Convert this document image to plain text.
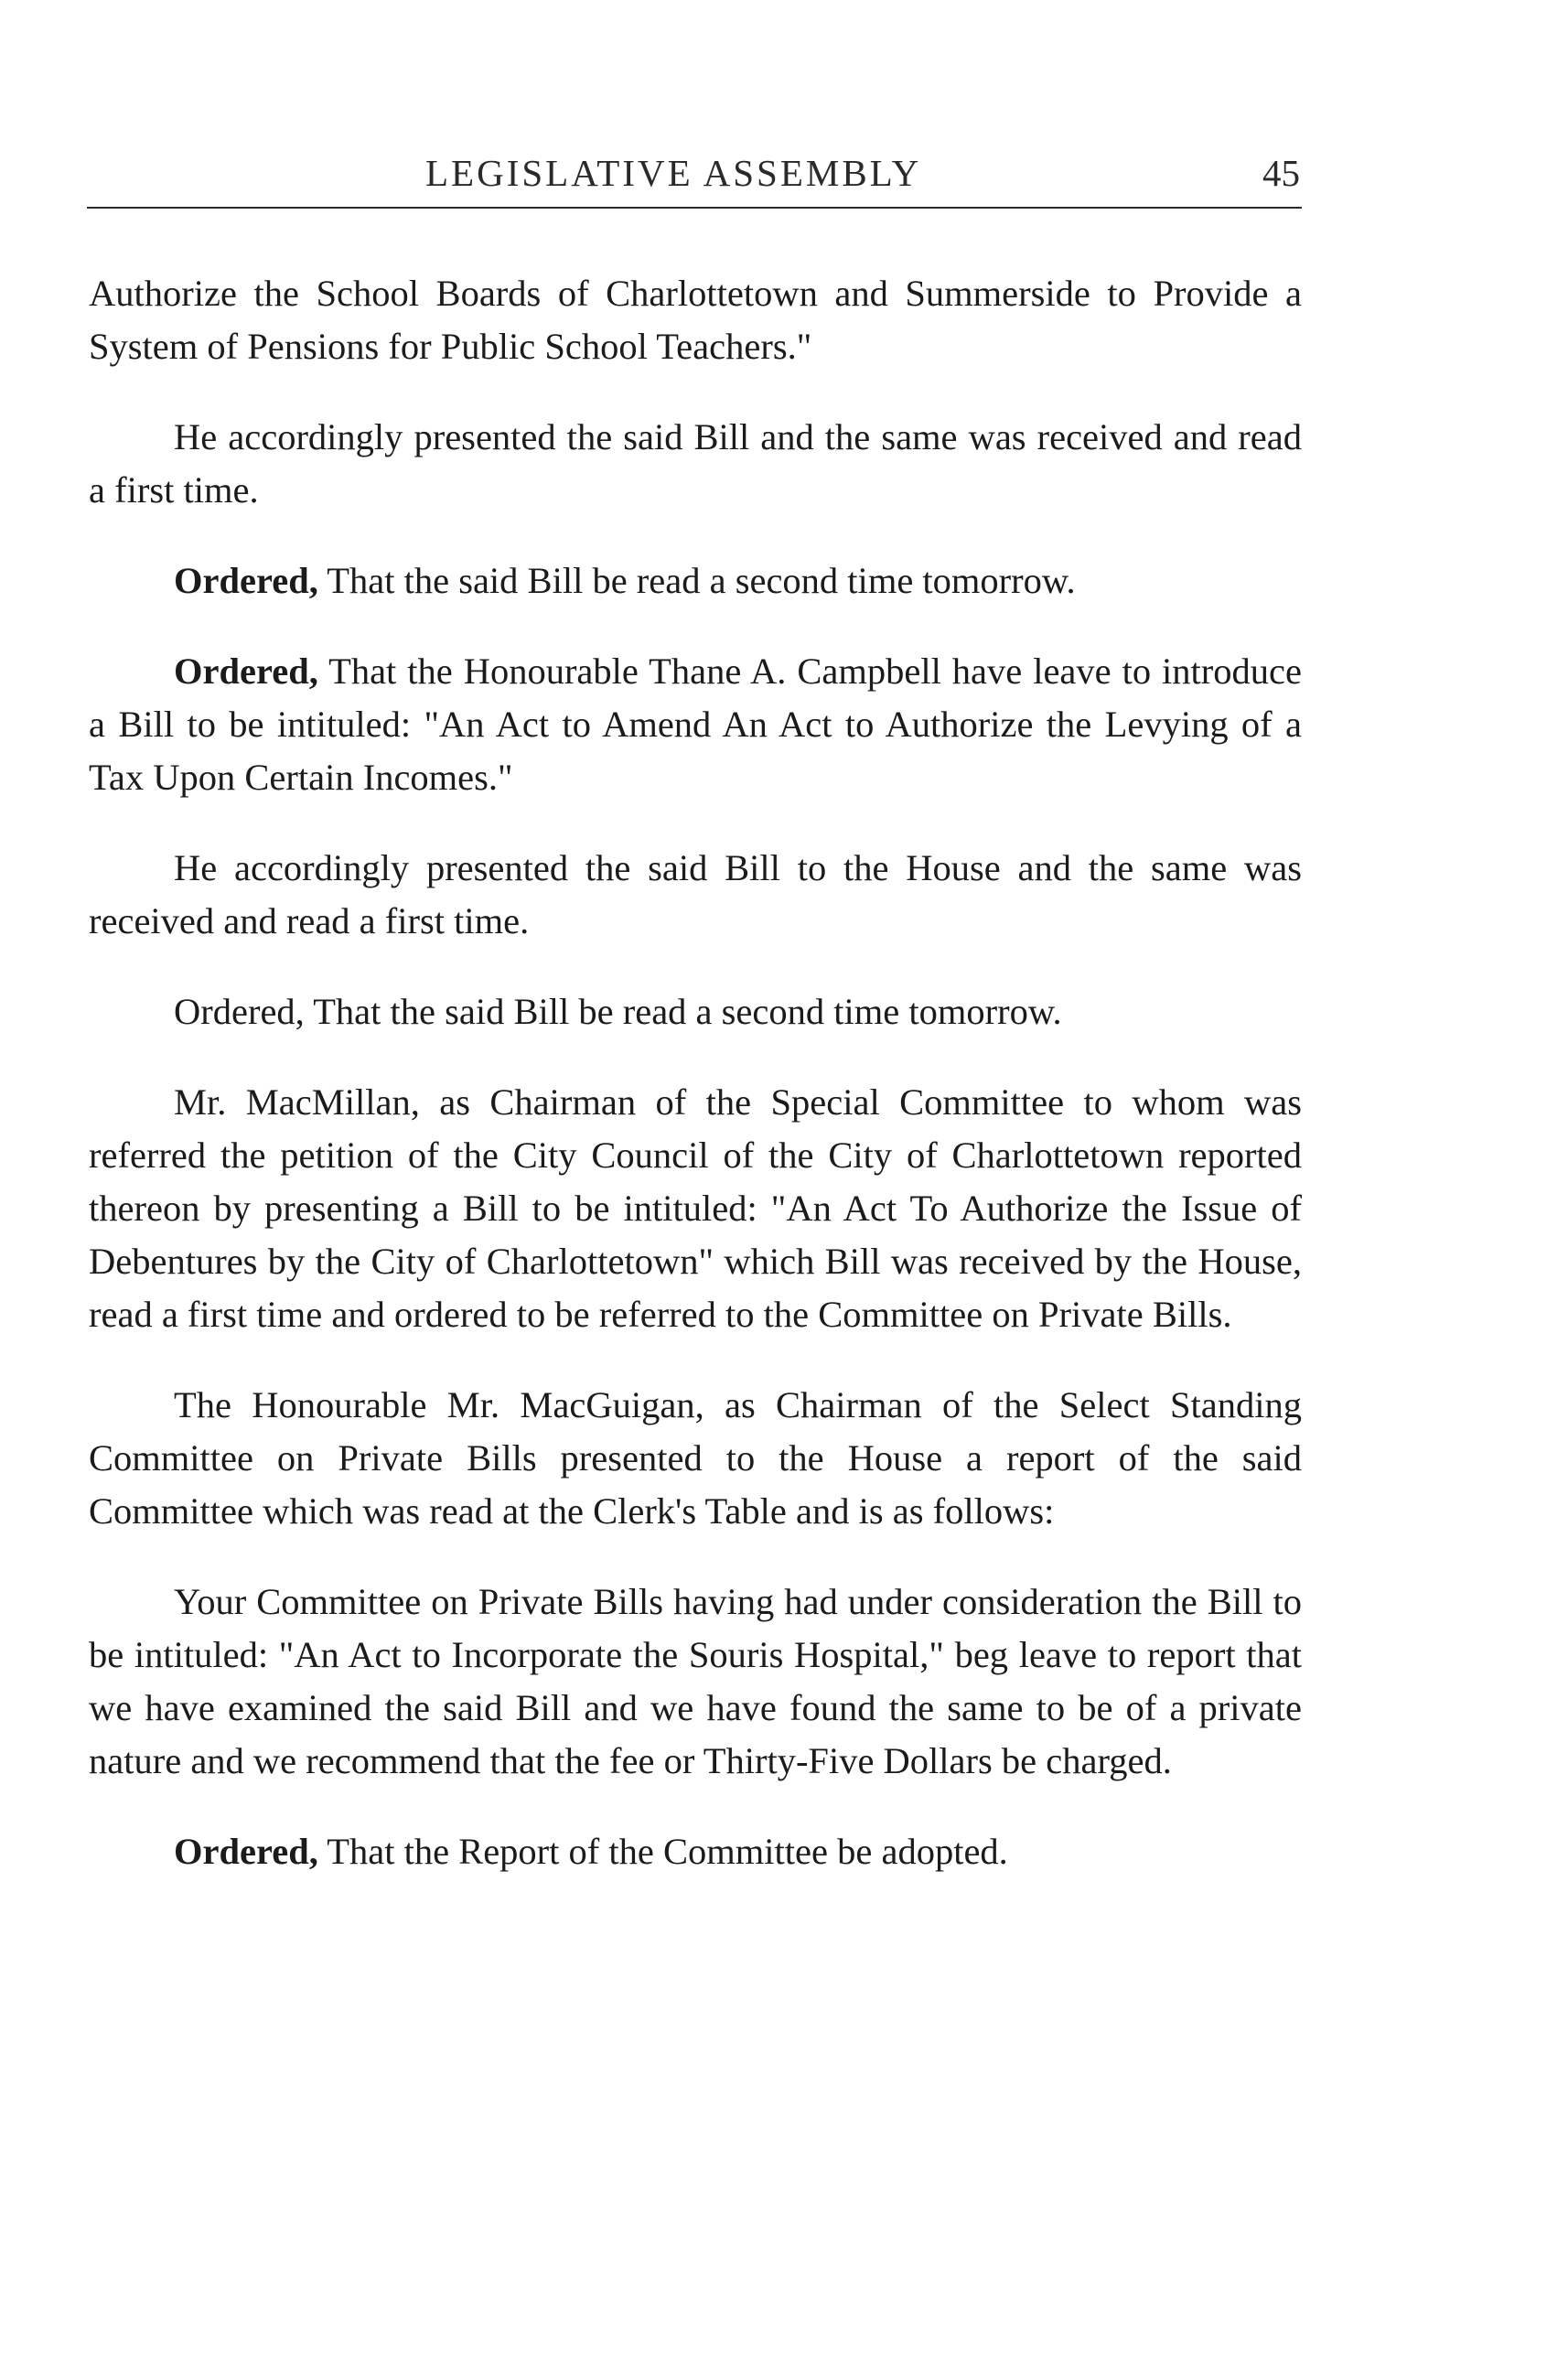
LEGISLATIVE ASSEMBLY	45

Authorize the School Boards of Charlottetown and Summerside to Provide a System of Pensions for Public School Teachers."

He accordingly presented the said Bill and the same was received and read a first time.

Ordered, That the said Bill be read a second time tomorrow.

Ordered, That the Honourable Thane A. Campbell have leave to introduce a Bill to be intituled: "An Act to Amend An Act to Authorize the Levying of a Tax Upon Certain Incomes."

He accordingly presented the said Bill to the House and the same was received and read a first time.

Ordered, That the said Bill be read a second time tomorrow.

Mr. MacMillan, as Chairman of the Special Committee to whom was referred the petition of the City Council of the City of Charlottetown reported thereon by presenting a Bill to be intituled: "An Act To Authorize the Issue of Debentures by the City of Charlottetown" which Bill was received by the House, read a first time and ordered to be referred to the Committee on Private Bills.

The Honourable Mr. MacGuigan, as Chairman of the Select Standing Committee on Private Bills presented to the House a report of the said Committee which was read at the Clerk's Table and is as follows:

Your Committee on Private Bills having had under consideration the Bill to be intituled: "An Act to Incorporate the Souris Hospital," beg leave to report that we have examined the said Bill and we have found the same to be of a private nature and we recommend that the fee or Thirty-Five Dollars be charged.

Ordered, That the Report of the Committee be adopted.
